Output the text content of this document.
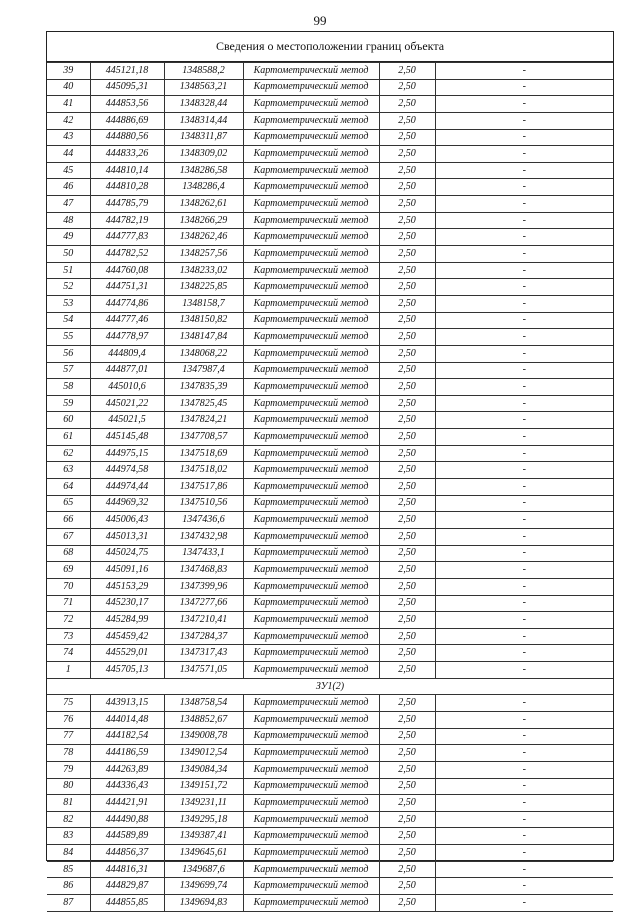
99
Сведения о местоположении границ объекта
39	445121,18	1348588,2	Картометрический метод	2,50	-
40	445095,31	1348563,21	Картометрический метод	2,50	-
41	444853,56	1348328,44	Картометрический метод	2,50	-
42	444886,69	1348314,44	Картометрический метод	2,50	-
43	444880,56	1348311,87	Картометрический метод	2,50	-
44	444833,26	1348309,02	Картометрический метод	2,50	-
45	444810,14	1348286,58	Картометрический метод	2,50	-
46	444810,28	1348286,4	Картометрический метод	2,50	-
47	444785,79	1348262,61	Картометрический метод	2,50	-
48	444782,19	1348266,29	Картометрический метод	2,50	-
49	444777,83	1348262,46	Картометрический метод	2,50	-
50	444782,52	1348257,56	Картометрический метод	2,50	-
51	444760,08	1348233,02	Картометрический метод	2,50	-
52	444751,31	1348225,85	Картометрический метод	2,50	-
53	444774,86	1348158,7	Картометрический метод	2,50	-
54	444777,46	1348150,82	Картометрический метод	2,50	-
55	444778,97	1348147,84	Картометрический метод	2,50	-
56	444809,4	1348068,22	Картометрический метод	2,50	-
57	444877,01	1347987,4	Картометрический метод	2,50	-
58	445010,6	1347835,39	Картометрический метод	2,50	-
59	445021,22	1347825,45	Картометрический метод	2,50	-
60	445021,5	1347824,21	Картометрический метод	2,50	-
61	445145,48	1347708,57	Картометрический метод	2,50	-
62	444975,15	1347518,69	Картометрический метод	2,50	-
63	444974,58	1347518,02	Картометрический метод	2,50	-
64	444974,44	1347517,86	Картометрический метод	2,50	-
65	444969,32	1347510,56	Картометрический метод	2,50	-
66	445006,43	1347436,6	Картометрический метод	2,50	-
67	445013,31	1347432,98	Картометрический метод	2,50	-
68	445024,75	1347433,1	Картометрический метод	2,50	-
69	445091,16	1347468,83	Картометрический метод	2,50	-
70	445153,29	1347399,96	Картометрический метод	2,50	-
71	445230,17	1347277,66	Картометрический метод	2,50	-
72	445284,99	1347210,41	Картометрический метод	2,50	-
73	445459,42	1347284,37	Картометрический метод	2,50	-
74	445529,01	1347317,43	Картометрический метод	2,50	-
1	445705,13	1347571,05	Картометрический метод	2,50	-
ЗУ1(2)					
75	443913,15	1348758,54	Картометрический метод	2,50	-
76	444014,48	1348852,67	Картометрический метод	2,50	-
77	444182,54	1349008,78	Картометрический метод	2,50	-
78	444186,59	1349012,54	Картометрический метод	2,50	-
79	444263,89	1349084,34	Картометрический метод	2,50	-
80	444336,43	1349151,72	Картометрический метод	2,50	-
81	444421,91	1349231,11	Картометрический метод	2,50	-
82	444490,88	1349295,18	Картометрический метод	2,50	-
83	444589,89	1349387,41	Картометрический метод	2,50	-
84	444856,37	1349645,61	Картометрический метод	2,50	-
85	444816,31	1349687,6	Картометрический метод	2,50	-
86	444829,87	1349699,74	Картометрический метод	2,50	-
87	444855,85	1349694,83	Картометрический метод	2,50	-
